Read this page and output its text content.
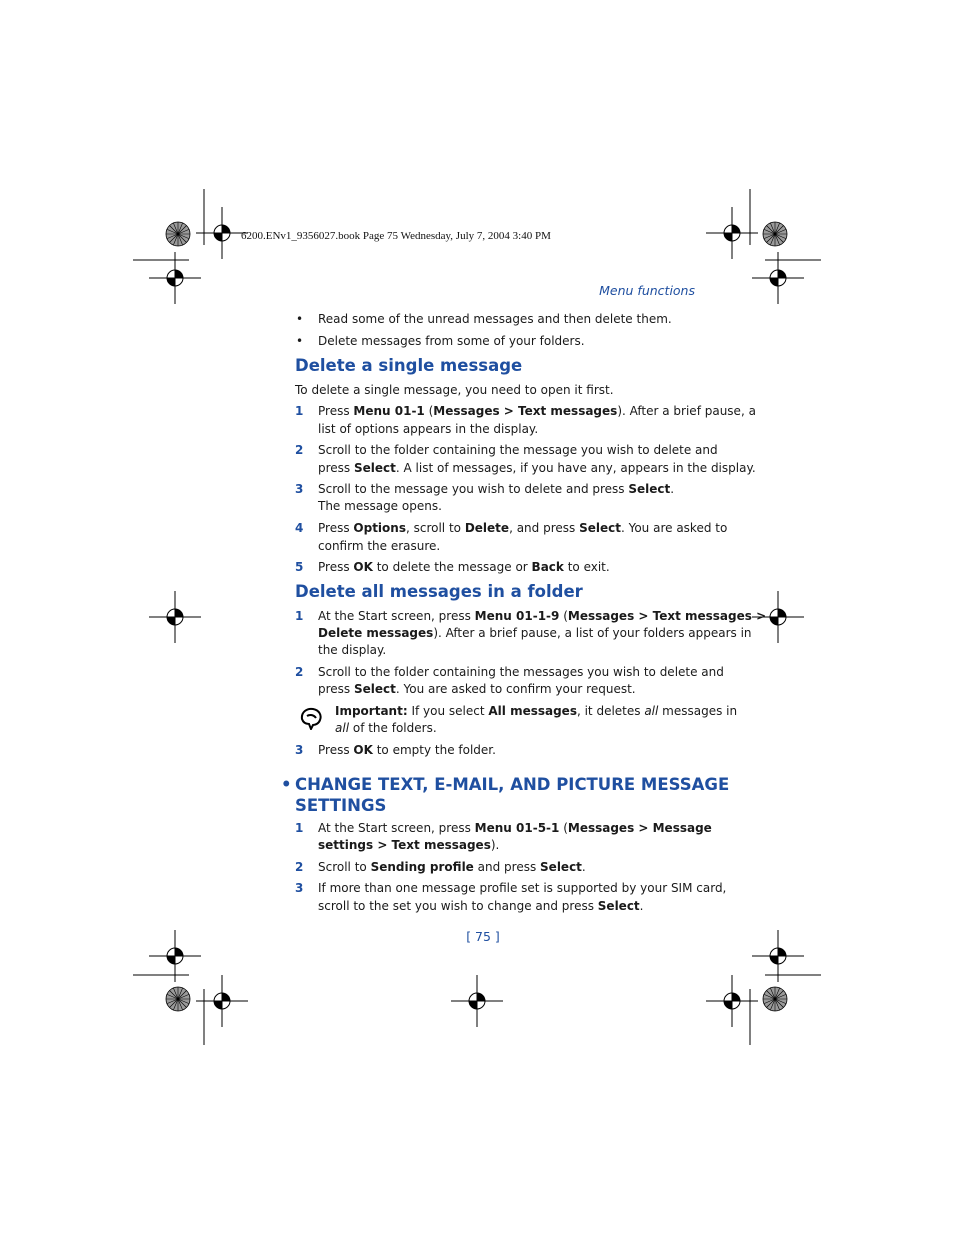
6200.ENv1_9356027.book Page 75 Wednesday, July 7, 2004 3:40 PM
Menu functions
• Read some of the unread messages and then delete them.
• Delete messages from some of your folders.
Delete a single message
To delete a single message, you need to open it first.
1 Press Menu 01-1 (Messages > Text messages). After a brief pause, a
list of options appears in the display.
2 Scroll to the folder containing the message you wish to delete and
press Select. A list of messages, if you have any, appears in the display.
3 Scroll to the message you wish to delete and press Select.
The message opens.
4 Press Options, scroll to Delete, and press Select. You are asked to
confirm the erasure.
5 Press OK to delete the message or Back to exit.
Delete all messages in a folder
1 At the Start screen, press Menu 01-1-9 (Messages > Text messages >
Delete messages). After a brief pause, a list of your folders appears in
the display.
2 Scroll to the folder containing the messages you wish to delete and
press Select. You are asked to confirm your request.
Important: If you select All messages, it deletes all messages in
all of the folders.
3 Press OK to empty the folder.
• CHANGE TEXT, E-MAIL, AND PICTURE MESSAGE
SETTINGS
1 At the Start screen, press Menu 01-5-1 (Messages > Message
settings > Text messages).
2 Scroll to Sending profile and press Select.
3 If more than one message profile set is supported by your SIM card,
scroll to the set you wish to change and press Select.
[ 75 ]
